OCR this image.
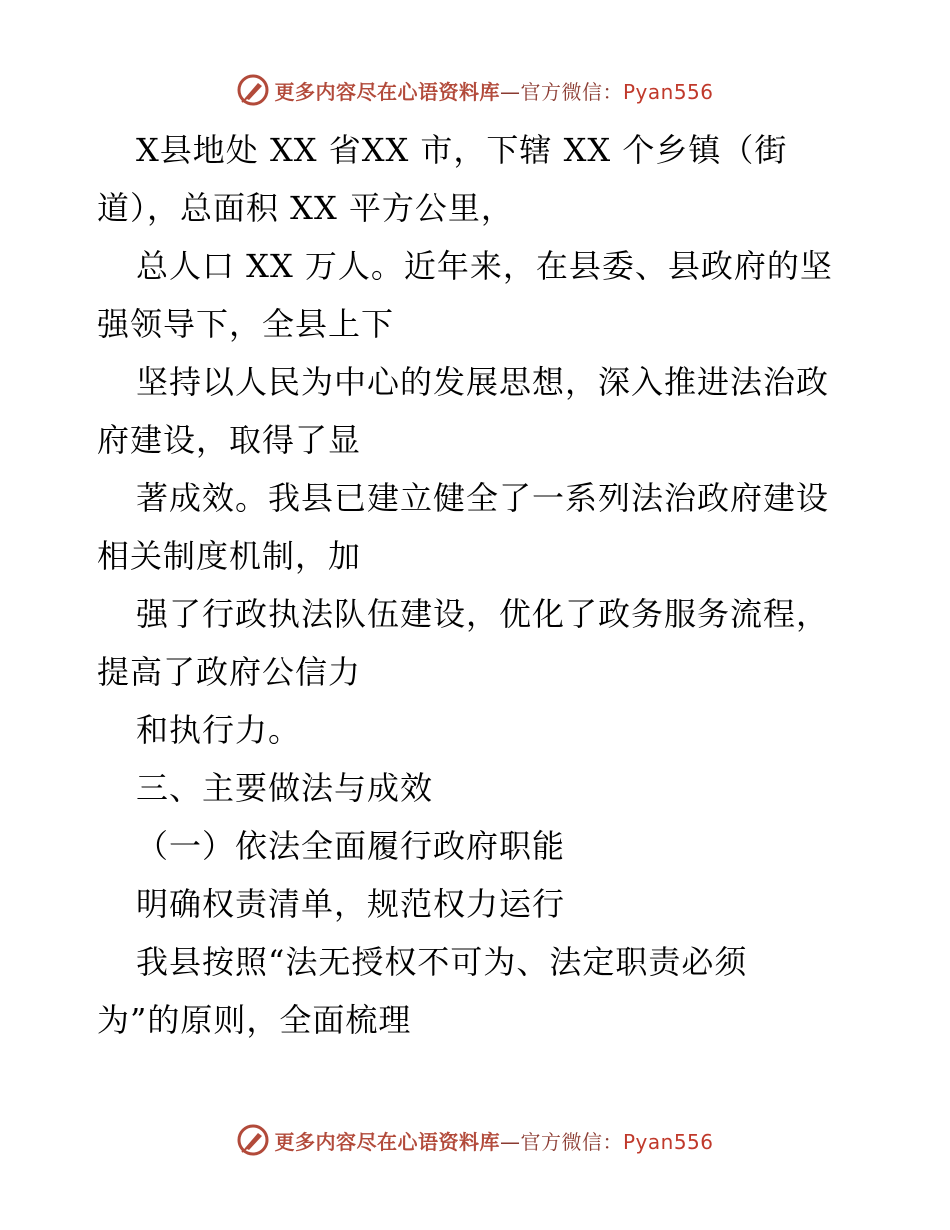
更多内容尽在心语资料库—官方微信：Pyan556
X县地处 XX 省XX 市，下辖 XX 个乡镇（街
道），总面积 XX 平方公里，
总人口 XX 万人。近年来，在县委、县政府的坚
强领导下，全县上下
坚持以人民为中心的发展思想，深入推进法治政
府建设，取得了显
著成效。我县已建立健全了一系列法治政府建设
相关制度机制，加
强了行政执法队伍建设，优化了政务服务流程，
提高了政府公信力
和执行力。
三、主要做法与成效
（一）依法全面履行政府职能
明确权责清单，规范权力运行
我县按照“法无授权不可为、法定职责必须
为”的原则，全面梳理
更多内容尽在心语资料库—官方微信：Pyan556
